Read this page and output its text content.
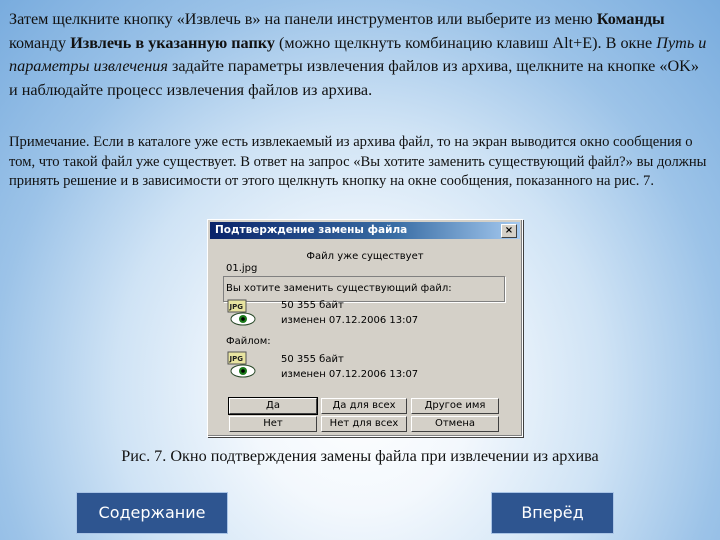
Затем щелкните кнопку «Извлечь в» на панели инструментов или выберите из меню Команды команду Извлечь в указанную папку (можно щелкнуть комбинацию клавиш Alt+E). В окне Путь и параметры извлечения задайте параметры извлечения файлов из архива, щелкните на кнопке «OK» и наблюдайте процесс извлечения файлов из архива.
Примечание. Если в каталоге уже есть извлекаемый из архива файл, то на экран выводится окно сообщения о том, что такой файл уже существует. В ответ на запрос «Вы хотите заменить существующий файл?» вы должны принять решение и в зависимости от этого щелкнуть кнопку на окне сообщения, показанного на рис. 7.
Подтверждение замены файла	×
Файл уже существует
01.jpg
Вы хотите заменить существующий файл:
JPG	50 355 байт
изменен 07.12.2006 13:07
Файлом:
JPG	50 355 байт
изменен 07.12.2006 13:07
Да	Да для всех	Другое имя
Нет	Нет для всех	Отмена
Рис. 7. Окно подтверждения замены файла при извлечении из архива
Содержание	Вперёд
